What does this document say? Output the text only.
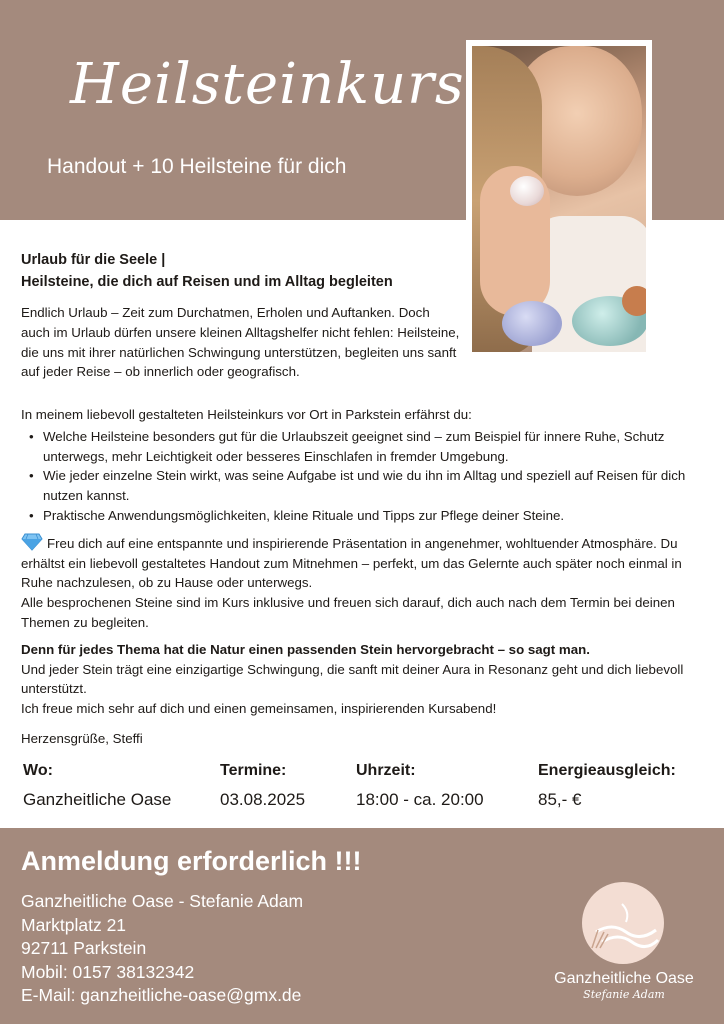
Heilsteinkurs
Handout + 10 Heilsteine für dich
Urlaub für die Seele |
Heilsteine, die dich auf Reisen und im Alltag begleiten

Endlich Urlaub – Zeit zum Durchatmen, Erholen und Auftanken. Doch auch im Urlaub dürfen unsere kleinen Alltagshelfer nicht fehlen: Heilsteine, die uns mit ihrer natürlichen Schwingung unterstützen, begleiten uns sanft auf jeder Reise – ob innerlich oder geografisch.

In meinem liebevoll gestalteten Heilsteinkurs vor Ort in Parkstein erfährst du:
• Welche Heilsteine besonders gut für die Urlaubszeit geeignet sind – zum Beispiel für innere Ruhe, Schutz unterwegs, mehr Leichtigkeit oder besseres Einschlafen in fremder Umgebung.
• Wie jeder einzelne Stein wirkt, was seine Aufgabe ist und wie du ihn im Alltag und speziell auf Reisen für dich nutzen kannst.
• Praktische Anwendungsmöglichkeiten, kleine Rituale und Tipps zur Pflege deiner Steine.

Freu dich auf eine entspannte und inspirierende Präsentation in angenehmer, wohltuender Atmosphäre. Du erhältst ein liebevoll gestaltetes Handout zum Mitnehmen – perfekt, um das Gelernte auch später noch einmal in Ruhe nachzulesen, ob zu Hause oder unterwegs.

Alle besprochenen Steine sind im Kurs inklusive und freuen sich darauf, dich auch nach dem Termin bei deinen Themen zu begleiten.

Denn für jedes Thema hat die Natur einen passenden Stein hervorgebracht – so sagt man.

Und jeder Stein trägt eine einzigartige Schwingung, die sanft mit deiner Aura in Resonanz geht und dich liebevoll unterstützt.
Ich freue mich sehr auf dich und einen gemeinsamen, inspirierenden Kursabend!
Herzensgrüße, Steffi
Wo:
Ganzheitliche Oase
Termine:
03.08.2025
Uhrzeit:
18:00 - ca. 20:00
Energieausgleich:
85,- €
Anmeldung erforderlich !!!
Ganzheitliche Oase - Stefanie Adam
Marktplatz 21
92711 Parkstein
Mobil: 0157 38132342
E-Mail: ganzheitliche-oase@gmx.de
Ganzheitliche Oase
Stefanie Adam
